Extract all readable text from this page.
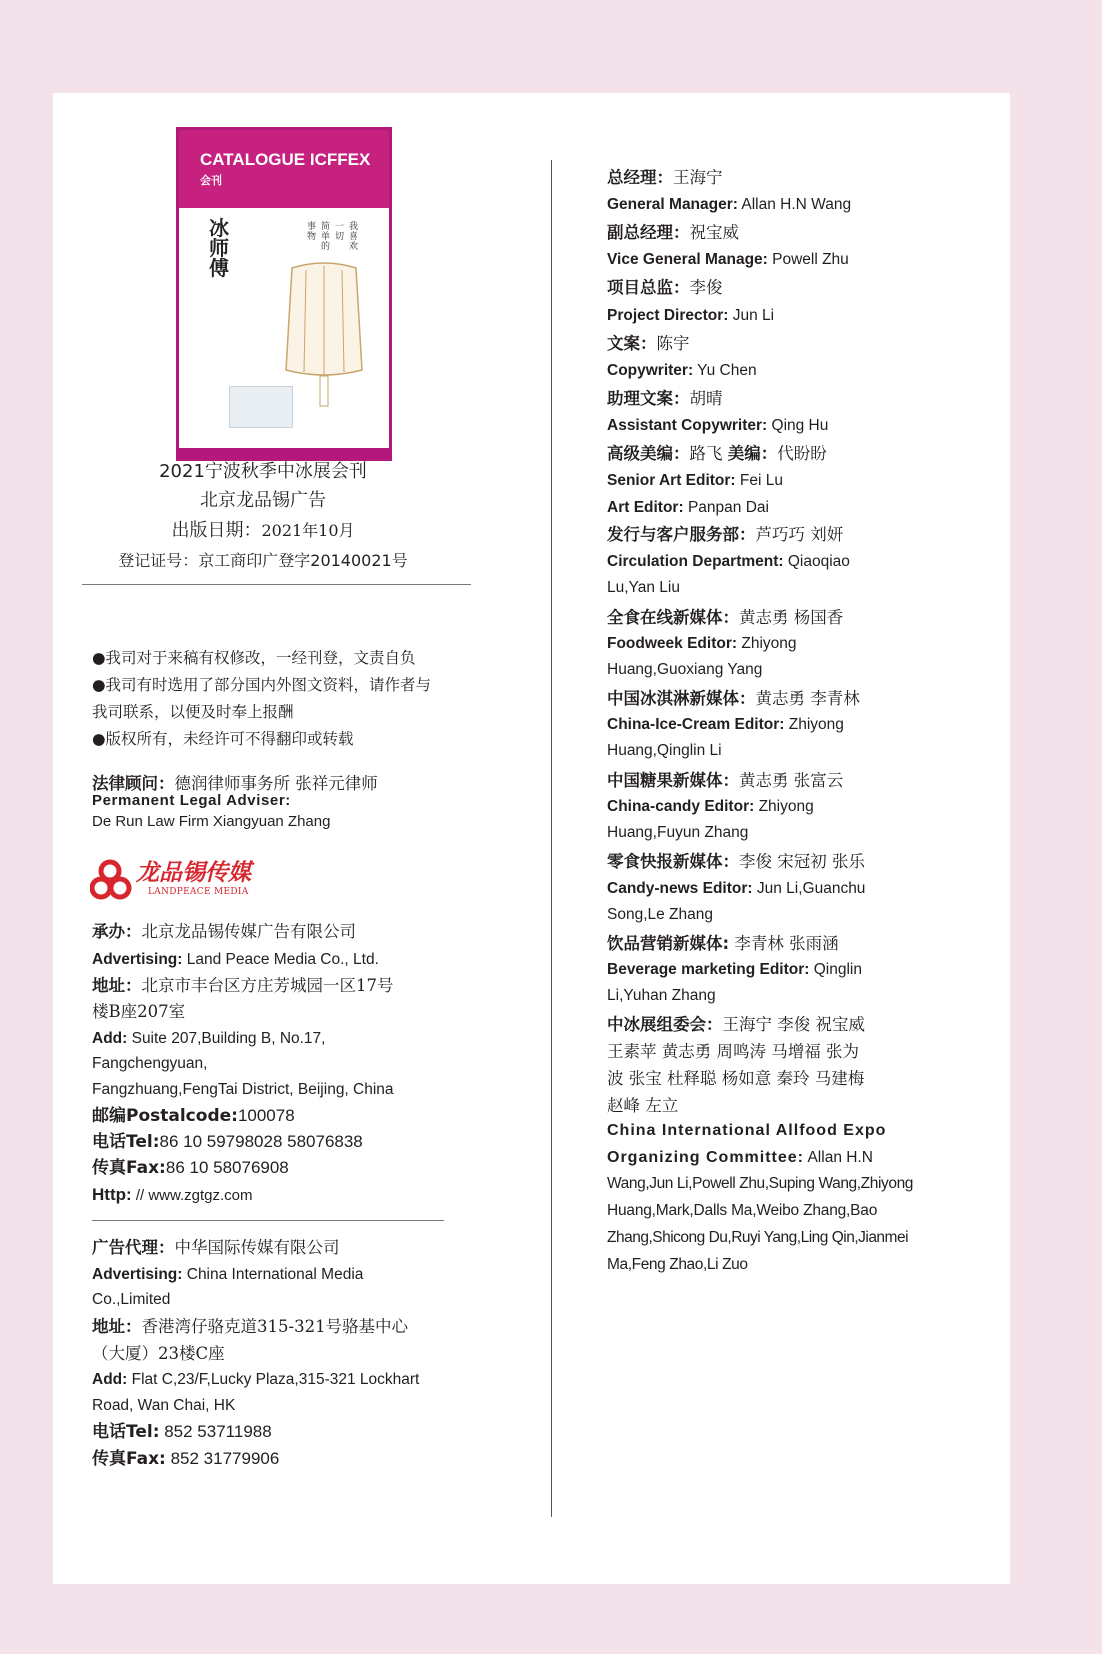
CATALOGUE ICFFEX
会刊
冰师傅
我喜欢
一切
简单的
事物
2021宁波秋季中冰展会刊
北京龙品锡广告
出版日期：2021年10月
登记证号：京工商印广登字20140021号
●我司对于来稿有权修改，一经刊登，文责自负
●我司有时选用了部分国内外图文资料，请作者与
我司联系，以便及时奉上报酬
●版权所有，未经许可不得翻印或转载
法律顾问：德润律师事务所 张祥元律师
Permanent Legal Adviser:
De Run Law Firm Xiangyuan Zhang
龙品锡传媒
LANDPEACE MEDIA
承办：北京龙品锡传媒广告有限公司
Advertising: Land Peace Media Co., Ltd.
地址：北京市丰台区方庄芳城园一区17号
楼B座207室
Add: Suite 207,Building B, No.17,
Fangchengyuan,
Fangzhuang,FengTai District, Beijing, China
邮编Postalcode:100078
电话Tel:86 10 59798028 58076838
传真Fax:86 10 58076908
Http: // www.zgtgz.com
广告代理：中华国际传媒有限公司
Advertising: China International Media
Co.,Limited
地址：香港湾仔骆克道315-321号骆基中心
（大厦）23楼C座
Add: Flat C,23/F,Lucky Plaza,315-321 Lockhart
Road, Wan Chai, HK
电话Tel: 852 53711988
传真Fax: 852 31779906
总经理：王海宁
General Manager: Allan H.N Wang
副总经理：祝宝威
Vice General Manage: Powell Zhu
项目总监：李俊
Project Director: Jun Li
文案：陈宇
Copywriter: Yu Chen
助理文案：胡晴
Assistant Copywriter: Qing Hu
高级美编：路飞 美编：代盼盼
Senior Art Editor: Fei Lu
Art Editor: Panpan Dai
发行与客户服务部：芦巧巧 刘妍
Circulation Department: Qiaoqiao
Lu,Yan Liu
全食在线新媒体：黄志勇 杨国香
Foodweek Editor: Zhiyong
Huang,Guoxiang Yang
中国冰淇淋新媒体：黄志勇 李青林
China-Ice-Cream Editor: Zhiyong
Huang,Qinglin Li
中国糖果新媒体：黄志勇 张富云
China-candy Editor: Zhiyong
Huang,Fuyun Zhang
零食快报新媒体：李俊 宋冠初 张乐
Candy-news Editor: Jun Li,Guanchu
Song,Le Zhang
饮品营销新媒体: 李青林 张雨涵
Beverage marketing Editor: Qinglin
Li,Yuhan Zhang
中冰展组委会：王海宁 李俊 祝宝威
王素苹 黄志勇 周鸣涛 马增福 张为
波 张宝 杜释聪 杨如意 秦玲 马建梅
赵峰 左立
China International Allfood Expo
Organizing Committee: Allan H.N
Wang,Jun Li,Powell Zhu,Suping Wang,Zhiyong
Huang,Mark,Dalls Ma,Weibo Zhang,Bao
Zhang,Shicong Du,Ruyi Yang,Ling Qin,Jianmei
Ma,Feng Zhao,Li Zuo
